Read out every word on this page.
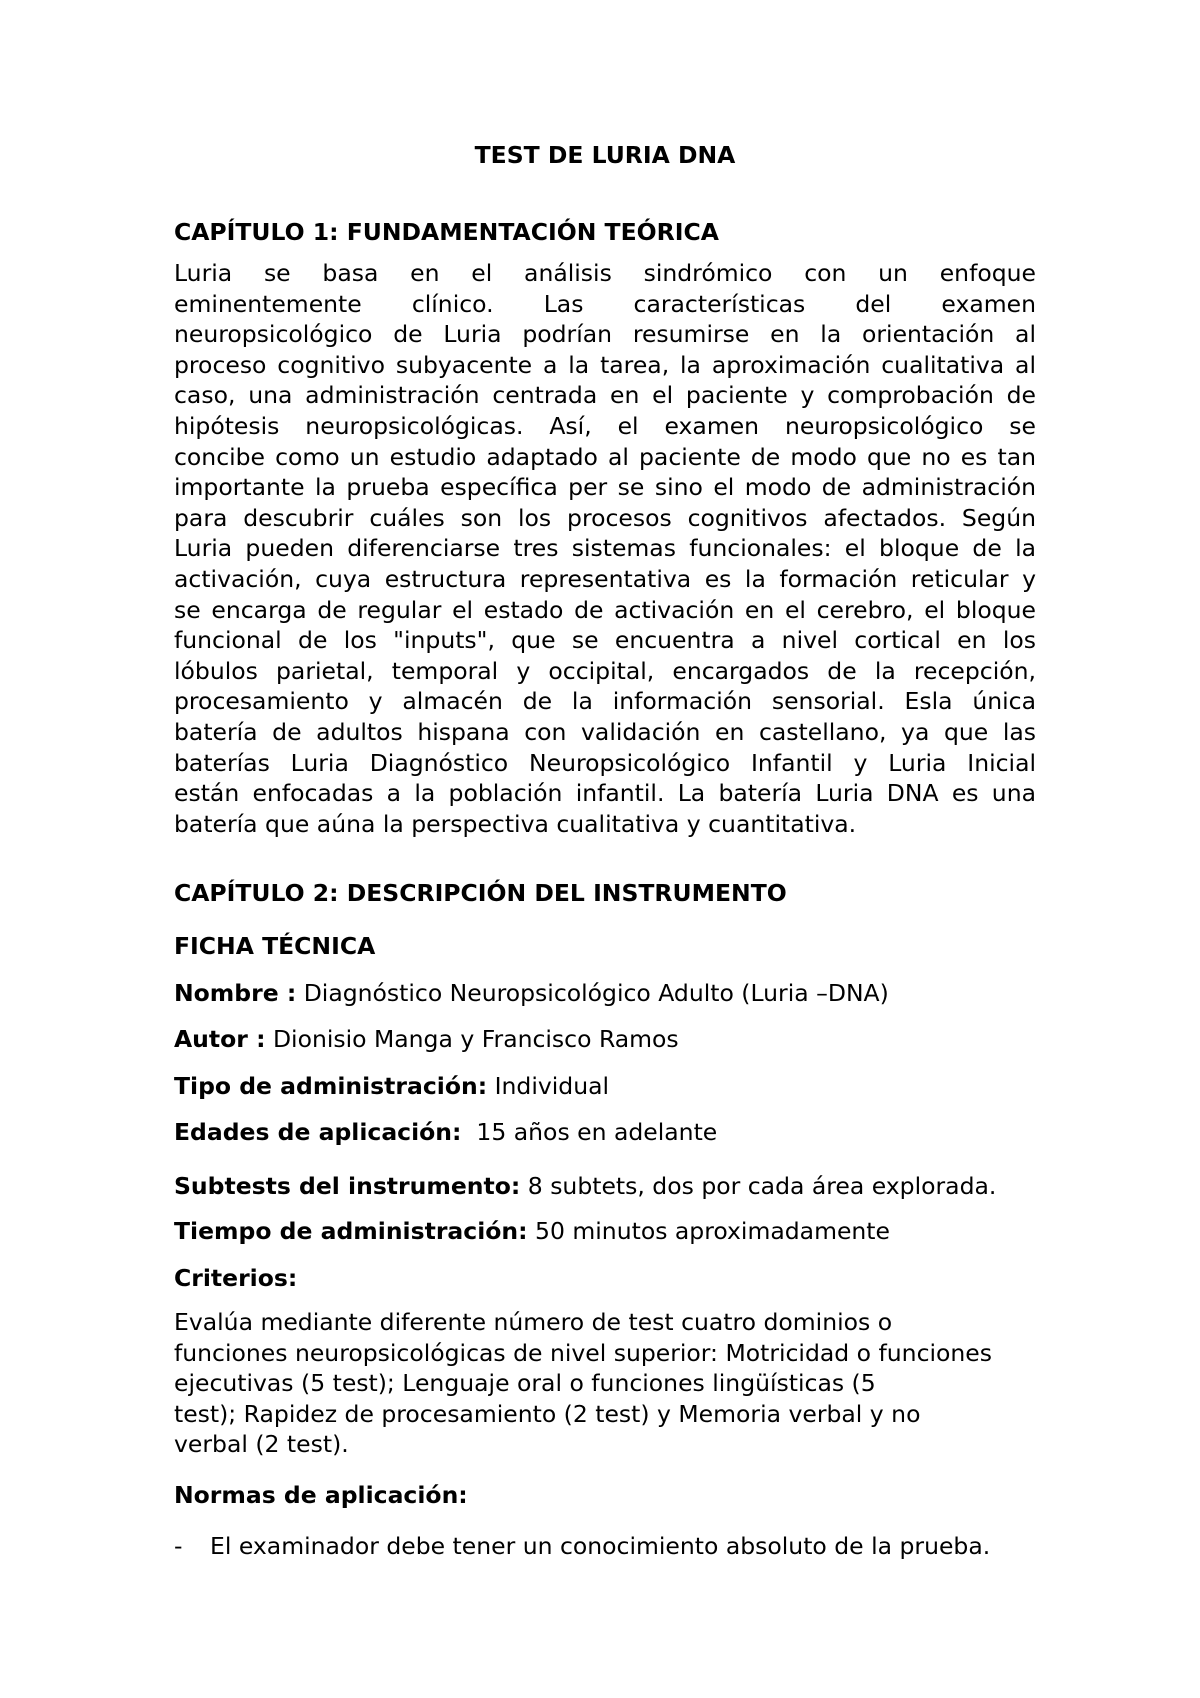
TEST DE LURIA DNA
CAPÍTULO 1: FUNDAMENTACIÓN TEÓRICA
Luria se basa en el análisis sindrómico con un enfoque
eminentemente clínico. Las características del examen
neuropsicológico de Luria podrían resumirse en la orientación al
proceso cognitivo subyacente a la tarea, la aproximación cualitativa al
caso, una administración centrada en el paciente y comprobación de
hipótesis neuropsicológicas. Así, el examen neuropsicológico se
concibe como un estudio adaptado al paciente de modo que no es tan
importante la prueba específica per se sino el modo de administración
para descubrir cuáles son los procesos cognitivos afectados. Según
Luria pueden diferenciarse tres sistemas funcionales: el bloque de la
activación, cuya estructura representativa es la formación reticular y
se encarga de regular el estado de activación en el cerebro, el bloque
funcional de los "inputs", que se encuentra a nivel cortical en los
lóbulos parietal, temporal y occipital, encargados de la recepción,
procesamiento y almacén de la información sensorial. Esla única
batería de adultos hispana con validación en castellano, ya que las
baterías Luria Diagnóstico Neuropsicológico Infantil y Luria Inicial
están enfocadas a la población infantil. La batería Luria DNA es una
batería que aúna la perspectiva cualitativa y cuantitativa.
CAPÍTULO 2: DESCRIPCIÓN DEL INSTRUMENTO
FICHA TÉCNICA

Nombre : Diagnóstico Neuropsicológico Adulto (Luria –DNA)

Autor : Dionisio Manga y Francisco Ramos

Tipo de administración: Individual

Edades de aplicación:  15 años en adelante

Subtests del instrumento: 8 subtets, dos por cada área explorada.

Tiempo de administración: 50 minutos aproximadamente

Criterios:
Evalúa mediante diferente número de test cuatro dominios o
funciones neuropsicológicas de nivel superior: Motricidad o funciones
ejecutivas (5 test); Lenguaje oral o funciones lingüísticas (5
test); Rapidez de procesamiento (2 test) y Memoria verbal y no
verbal (2 test).
Normas de aplicación:

- El examinador debe tener un conocimiento absoluto de la prueba.
